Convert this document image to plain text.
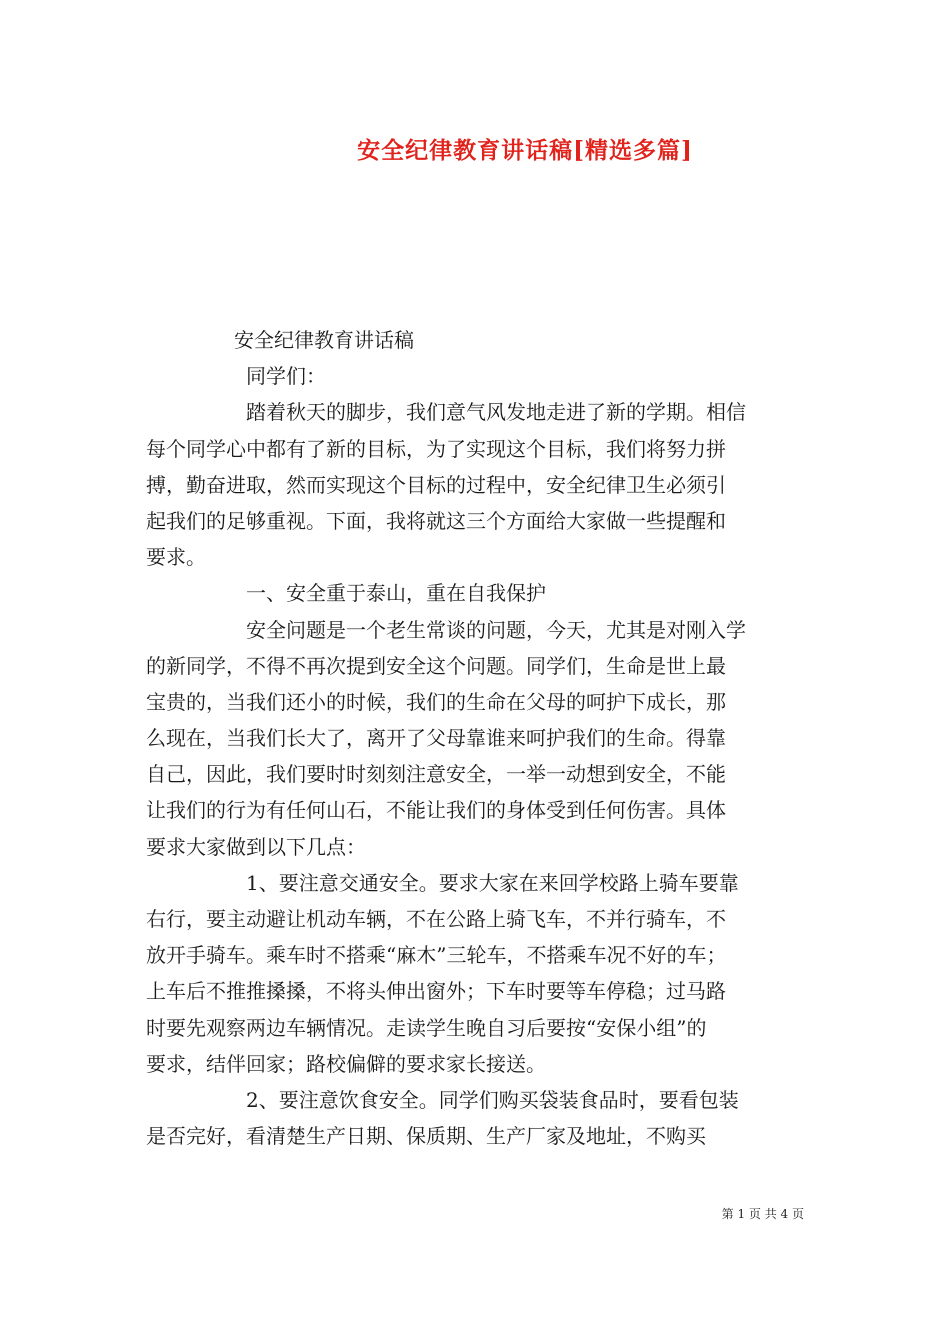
安全纪律教育讲话稿[精选多篇]
安全纪律教育讲话稿
同学们：
踏着秋天的脚步，我们意气风发地走进了新的学期。相信
每个同学心中都有了新的目标，为了实现这个目标，我们将努力拼
搏，勤奋进取，然而实现这个目标的过程中，安全纪律卫生必须引
起我们的足够重视。下面，我将就这三个方面给大家做一些提醒和
要求。
一、安全重于泰山，重在自我保护
安全问题是一个老生常谈的问题，今天，尤其是对刚入学
的新同学，不得不再次提到安全这个问题。同学们，生命是世上最
宝贵的，当我们还小的时候，我们的生命在父母的呵护下成长，那
么现在，当我们长大了，离开了父母靠谁来呵护我们的生命。得靠
自己，因此，我们要时时刻刻注意安全，一举一动想到安全，不能
让我们的行为有任何山石，不能让我们的身体受到任何伤害。具体
要求大家做到以下几点：
1、要注意交通安全。要求大家在来回学校路上骑车要靠
右行，要主动避让机动车辆，不在公路上骑飞车，不并行骑车，不
放开手骑车。乘车时不搭乘“麻木”三轮车，不搭乘车况不好的车；
上车后不推推搡搡，不将头伸出窗外；下车时要等车停稳；过马路
时要先观察两边车辆情况。走读学生晚自习后要按“安保小组”的
要求，结伴回家；路校偏僻的要求家长接送。
2、要注意饮食安全。同学们购买袋装食品时，要看包装
是否完好，看清楚生产日期、保质期、生产厂家及地址，不购买
第 1 页 共 4 页
